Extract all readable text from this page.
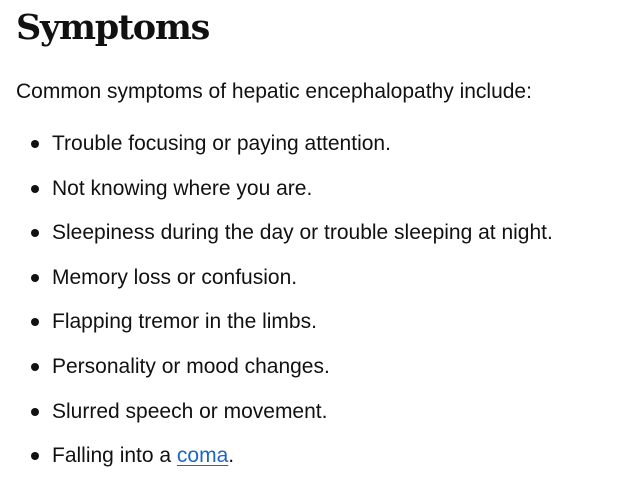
Symptoms

Common symptoms of hepatic encephalopathy include:

Trouble focusing or paying attention.
Not knowing where you are.
Sleepiness during the day or trouble sleeping at night.
Memory loss or confusion.
Flapping tremor in the limbs.
Personality or mood changes.
Slurred speech or movement.
Falling into a coma.
